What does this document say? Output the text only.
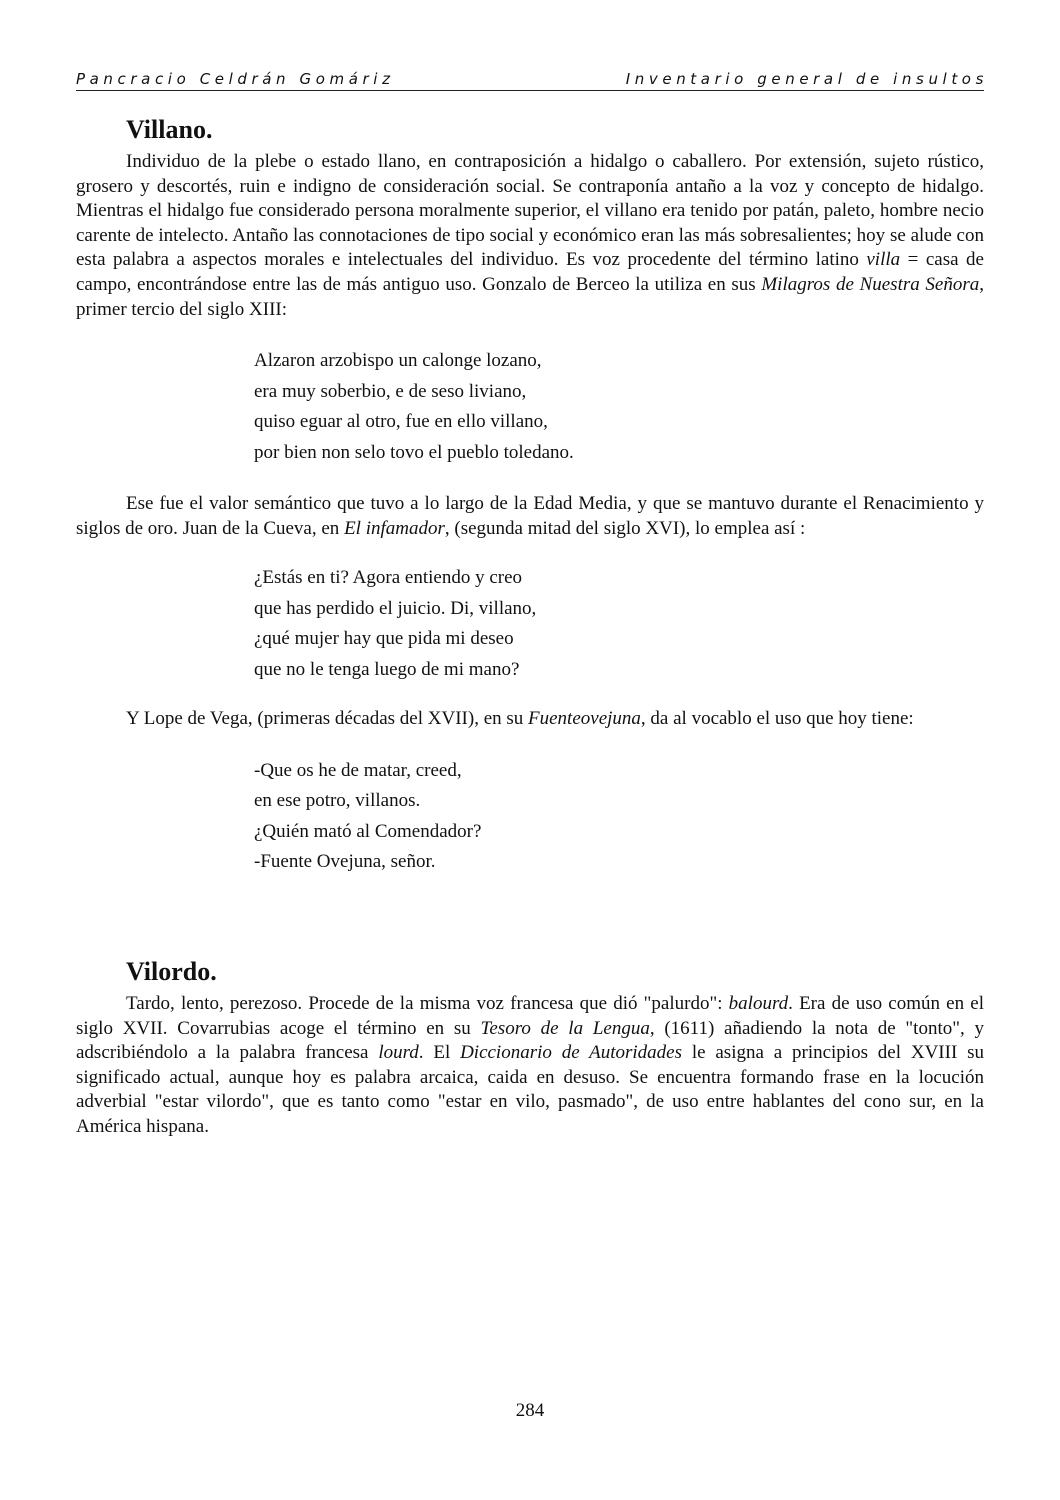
Pancracio Celdrán Gomáriz	Inventario general de insultos
Villano.

Individuo de la plebe o estado llano, en contraposición a hidalgo o caballero. Por extensión, sujeto rústico, grosero y descortés, ruin e indigno de consideración social. Se contraponía antaño a la voz y concepto de hidalgo. Mientras el hidalgo fue considerado persona moralmente superior, el villano era tenido por patán, paleto, hombre necio carente de intelecto. Antaño las connotaciones de tipo social y económico eran las más sobresalientes; hoy se alude con esta palabra a aspectos morales e intelectuales del individuo. Es voz procedente del término latino villa = casa de campo, encontrándose entre las de más antiguo uso. Gonzalo de Berceo la utiliza en sus Milagros de Nuestra Señora, primer tercio del siglo XIII:

Alzaron arzobispo un calonge lozano,
era muy soberbio, e de seso liviano,
quiso eguar al otro, fue en ello villano,
por bien non selo tovo el pueblo toledano.

Ese fue el valor semántico que tuvo a lo largo de la Edad Media, y que se mantuvo durante el Renacimiento y siglos de oro. Juan de la Cueva, en El infamador, (segunda mitad del siglo XVI), lo emplea así :

¿Estás en ti? Agora entiendo y creo
que has perdido el juicio. Di, villano,
¿qué mujer hay que pida mi deseo
que no le tenga luego de mi mano?

Y Lope de Vega, (primeras décadas del XVII), en su Fuenteovejuna, da al vocablo el uso que hoy tiene:

-Que os he de matar, creed,
en ese potro, villanos.
¿Quién mató al Comendador?
-Fuente Ovejuna, señor.
Vilordo.

Tardo, lento, perezoso. Procede de la misma voz francesa que dió "palurdo": balourd. Era de uso común en el siglo XVII. Covarrubias acoge el término en su Tesoro de la Lengua, (1611) añadiendo la nota de "tonto", y adscribiéndolo a la palabra francesa lourd. El Diccionario de Autoridades le asigna a principios del XVIII su significado actual, aunque hoy es palabra arcaica, caida en desuso. Se encuentra formando frase en la locución adverbial "estar vilordo", que es tanto como "estar en vilo, pasmado", de uso entre hablantes del cono sur, en la América hispana.

284
